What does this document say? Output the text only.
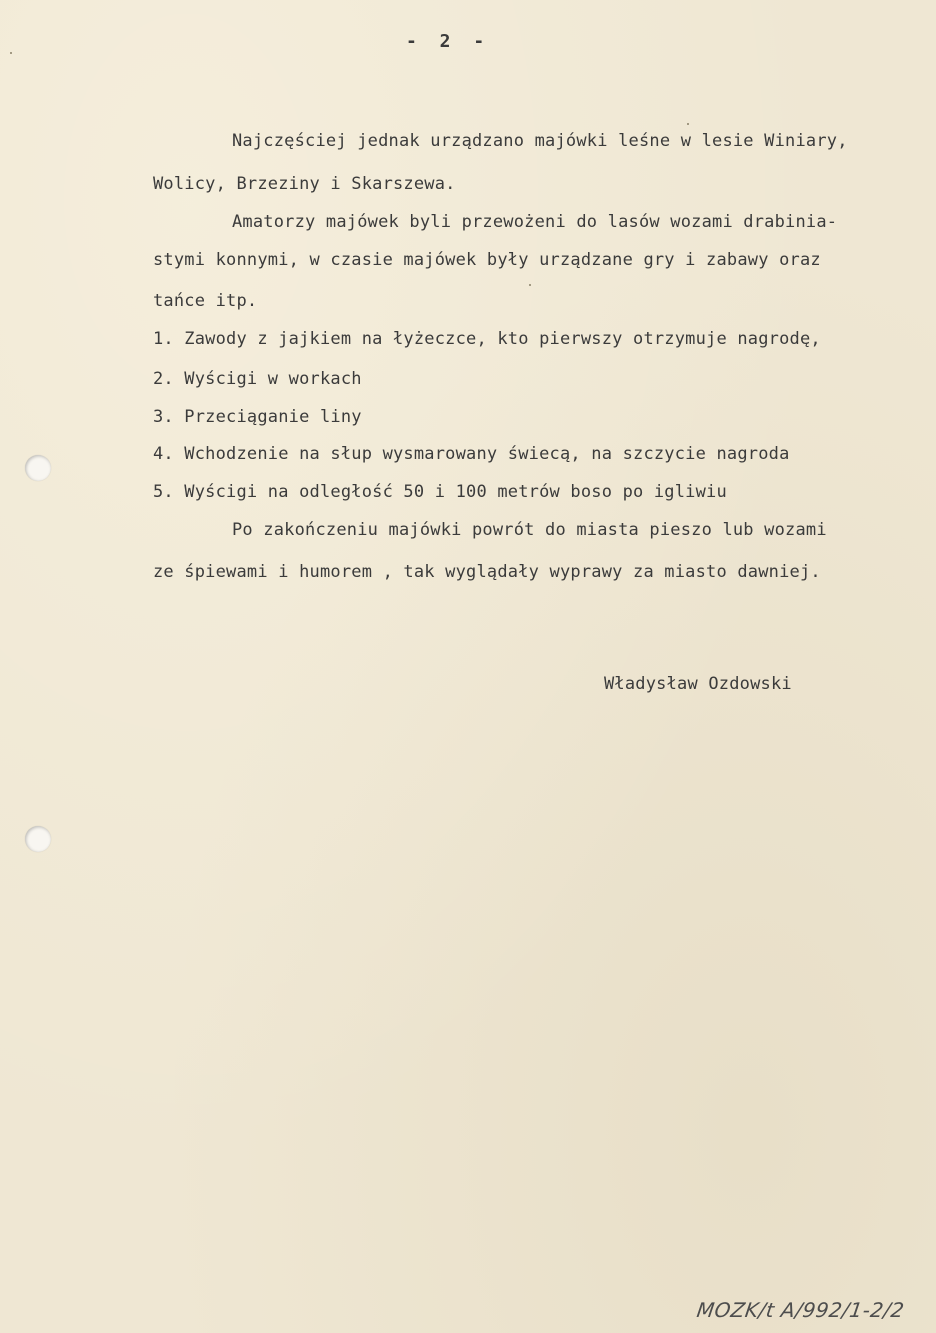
- 2 -
Najczęściej jednak urządzano majówki leśne w lesie Winiary,
Wolicy, Brzeziny i Skarszewa.
Amatorzy majówek byli przewożeni do lasów wozami drabinia-
stymi konnymi, w czasie majówek były urządzane gry i zabawy oraz
tańce itp.
1. Zawody z jajkiem na łyżeczce, kto pierwszy otrzymuje nagrodę,
2. Wyścigi w workach
3. Przeciąganie liny
4. Wchodzenie na słup wysmarowany świecą, na szczycie nagroda
5. Wyścigi na odległość 50 i 100 metrów boso po igliwiu
Po zakończeniu majówki powrót do miasta pieszo lub wozami
ze śpiewami i humorem , tak wyglądały wyprawy za miasto dawniej.
Władysław Ozdowski
MOZK/t A/992/1-2/2
